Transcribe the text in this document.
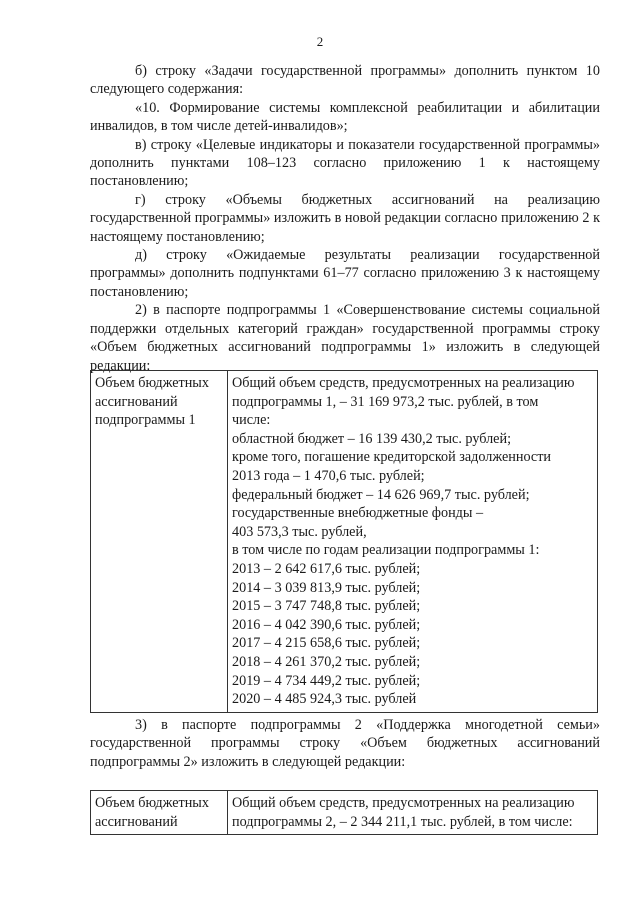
2

б) строку «Задачи государственной программы» дополнить пунктом 10 следующего содержания:

«10. Формирование системы комплексной реабилитации и абилитации инвалидов, в том числе детей-инвалидов»;

в) строку «Целевые индикаторы и показатели государственной программы» дополнить пунктами 108–123 согласно приложению 1 к настоящему постановлению;

г) строку «Объемы бюджетных ассигнований на реализацию государственной программы» изложить в новой редакции согласно приложению 2 к настоящему постановлению;

д) строку «Ожидаемые результаты реализации государственной программы» дополнить подпунктами 61–77 согласно приложению 3 к настоящему постановлению;

2) в паспорте подпрограммы 1 «Совершенствование системы социальной поддержки отдельных категорий граждан» государственной программы строку «Объем бюджетных ассигнований подпрограммы 1» изложить в следующей редакции:

Объем бюджетных
ассигнований
подпрограммы 1

Общий объем средств, предусмотренных на реализацию
подпрограммы 1, – 31 169 973,2 тыс. рублей, в том
числе:
областной бюджет – 16 139 430,2 тыс. рублей;
кроме того, погашение кредиторской задолженности
2013 года – 1 470,6 тыс. рублей;
федеральный бюджет – 14 626 969,7 тыс. рублей;
государственные внебюджетные фонды –
403 573,3 тыс. рублей,
в том числе по годам реализации подпрограммы 1:
2013 – 2 642 617,6 тыс. рублей;
2014 – 3 039 813,9 тыс. рублей;
2015 – 3 747 748,8 тыс. рублей;
2016 – 4 042 390,6 тыс. рублей;
2017 – 4 215 658,6 тыс. рублей;
2018 – 4 261 370,2 тыс. рублей;
2019 – 4 734 449,2 тыс. рублей;
2020 – 4 485 924,3 тыс. рублей

3) в паспорте подпрограммы 2 «Поддержка многодетной семьи» государственной программы строку «Объем бюджетных ассигнований подпрограммы 2» изложить в следующей редакции:

Объем бюджетных
ассигнований

Общий объем средств, предусмотренных на реализацию
подпрограммы 2, – 2 344 211,1 тыс. рублей, в том числе:
